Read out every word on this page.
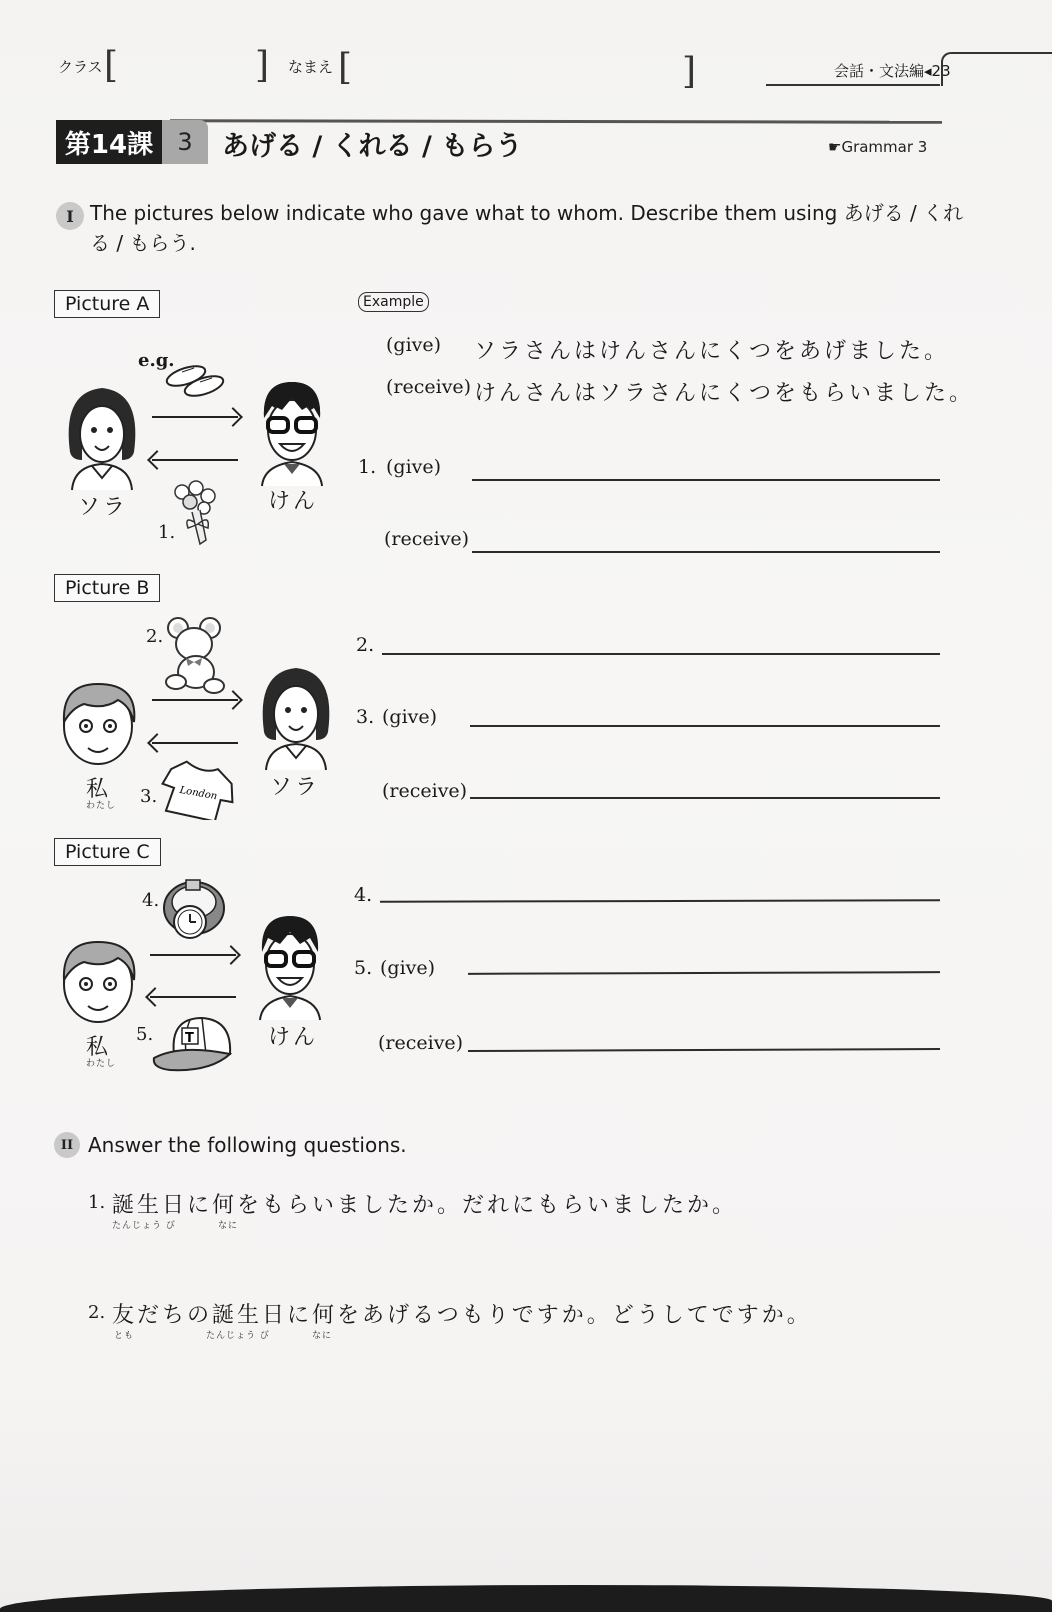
クラス [	] なまえ [	]	会話・文法編◂23
第14課	3	あげる / くれる / もらう	☛Grammar 3
I The pictures below indicate who gave what to whom. Describe them using あげる / くれ
る / もらう.
Picture A
e.g.
ソラ	けん
1.
Example
(give) ソラさんはけんさんにくつをあげました。
(receive) けんさんはソラさんにくつをもらいました。
1. (give)
(receive)
Picture B
2.
私
わたし
ソラ
3. London
2.
3. (give)
(receive)
Picture C
4.
私
わたし
けん
5. T
4.
5. (give)
(receive)
II Answer the following questions.
1. 誕生日に何をもらいましたか。だれにもらいましたか。
たんじょう び	なに
2. 友だちの誕生日に何をあげるつもりですか。どうしてですか。
とも	たんじょう び	なに
